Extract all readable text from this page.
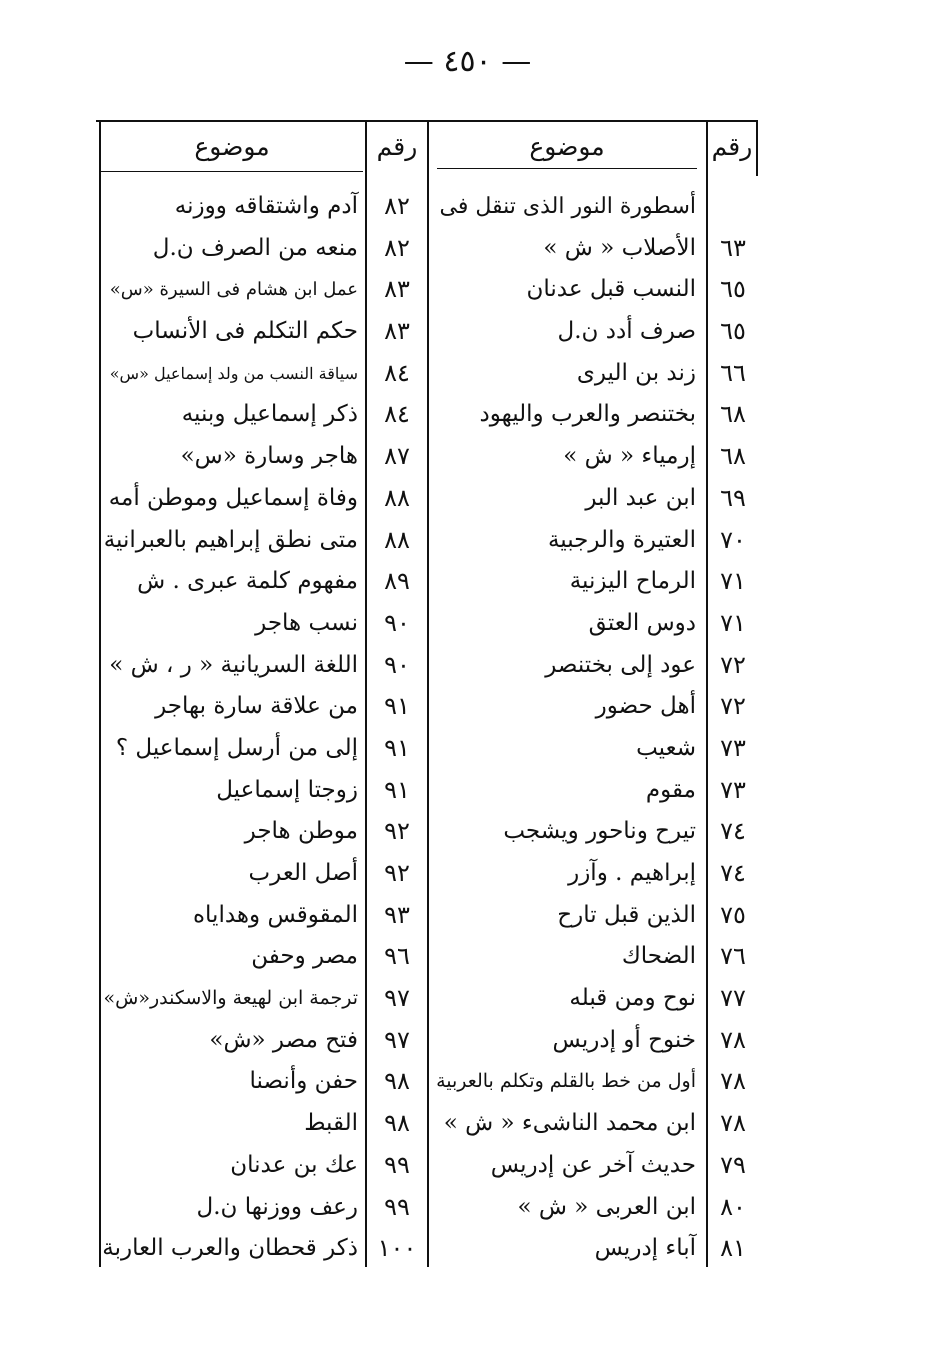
— ٤٥٠ —
رقم
موضوع
رقم
موضوع
٦٣
٦٥
٦٥
٦٦
٦٨
٦٨
٦٩
٧٠
٧١
٧١
٧٢
٧٢
٧٣
٧٣
٧٤
٧٤
٧٥
٧٦
٧٧
٧٨
٧٨
٧٨
٧٩
٨٠
٨١
أسطورة النور الذى تنقل فى
الأصلاب « ش »
النسب قبل عدنان
صرف أدد ن.ل
زند بن اليرى
بختنصر والعرب واليهود
إرمياء « ش »
ابن عبد البر
العتيرة والرجبية
الرماح اليزنية
دوس العتق
عود إلى بختنصر
أهل حضور
شعيب
مقوم
تيرح وناحور ويشجب
إبراهيم . وآزر
الذين قبل تارح
الضحاك
نوح ومن قبله
خنوح أو إدريس
أول من خط بالقلم وتكلم بالعربية
ابن محمد الناشىء « ش »
حديث آخر عن إدريس
ابن العربى « ش »
آباء إدريس
٨٢
٨٢
٨٣
٨٣
٨٤
٨٤
٨٧
٨٨
٨٨
٨٩
٩٠
٩٠
٩١
٩١
٩١
٩٢
٩٢
٩٣
٩٦
٩٧
٩٧
٩٨
٩٨
٩٩
٩٩
١٠٠
آدم واشتقاقه ووزنه
منعه من الصرف ن.ل
عمل ابن هشام فى السيرة «س»
حكم التكلم فى الأنساب
سياقة النسب من ولد إسماعيل «س»
ذكر إسماعيل وبنيه
هاجر وسارة «س»
وفاة إسماعيل وموطن أمه
متى نطق إبراهيم بالعبرانية
مفهوم كلمة عبرى . ش
نسب هاجر
اللغة السريانية « ر ، ش »
من علاقة سارة بهاجر
إلى من أرسل إسماعيل ؟
زوجتا إسماعيل
موطن هاجر
أصل العرب
المقوقس وهداياه
مصر وحفن
ترجمة ابن لهيعة والاسكندر«ش»
فتح مصر «ش»
حفن وأنصنا
القبط
عك بن عدنان
رعف ووزنها ن.ل
ذكر قحطان والعرب العاربة
